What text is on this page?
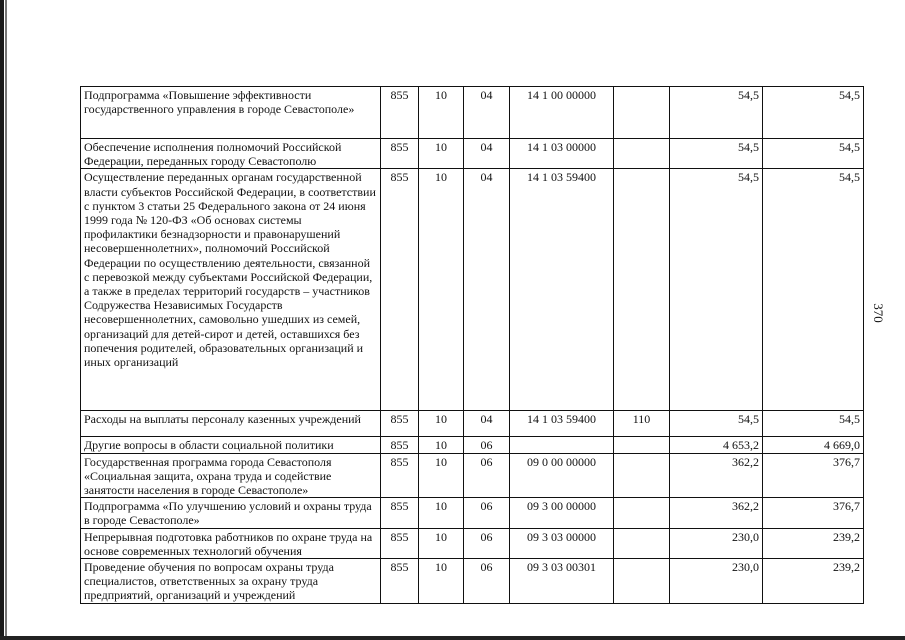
370
Подпрограмма «Повышение эффективности государственного управления в городе Севастополе»	855	10	04	14 1 00 00000		54,5	54,5
Обеспечение исполнения полномочий Российской Федерации, переданных городу Севастополю	855	10	04	14 1 03 00000		54,5	54,5
Осуществление переданных органам государственной власти субъектов Российской Федерации, в соответствии с пунктом 3 статьи 25 Федерального закона от 24 июня 1999 года № 120-ФЗ «Об основах системы профилактики безнадзорности и правонарушений несовершеннолетних», полномочий Российской Федерации по осуществлению деятельности, связанной с перевозкой между субъектами Российской Федерации, а также в пределах территорий государств – участников Содружества Независимых Государств несовершеннолетних, самовольно ушедших из семей, организаций для детей-сирот и детей, оставшихся без попечения родителей, образовательных организаций и иных организаций	855	10	04	14 1 03 59400		54,5	54,5
Расходы на выплаты персоналу казенных учреждений	855	10	04	14 1 03 59400	110	54,5	54,5
Другие вопросы в области социальной политики	855	10	06			4 653,2	4 669,0
Государственная программа города Севастополя «Социальная защита, охрана труда и содействие занятости населения в городе Севастополе»	855	10	06	09 0 00 00000		362,2	376,7
Подпрограмма «По улучшению условий и охраны труда в городе Севастополе»	855	10	06	09 3 00 00000		362,2	376,7
Непрерывная подготовка работников по охране труда на основе современных технологий обучения	855	10	06	09 3 03 00000		230,0	239,2
Проведение обучения по вопросам охраны труда специалистов, ответственных за охрану труда предприятий, организаций и учреждений	855	10	06	09 3 03 00301		230,0	239,2
